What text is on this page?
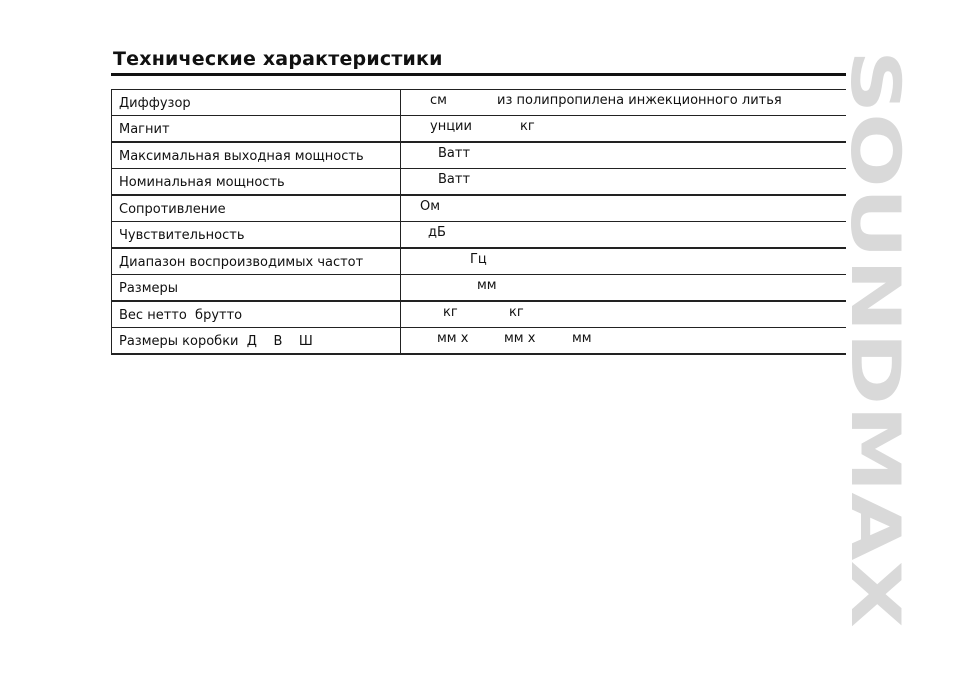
Технические характеристики
Диффузор	см из полипропилена инжекционного литья

Магнит	унции кг

Максимальная выходная мощность	Ватт

Номинальная мощность	Ватт

Сопротивление	Ом

Чувствительность	дБ

Диапазон воспроизводимых частот	Гц

Размеры	мм

Вес нетто  брутто	кг кг

Размеры коробки  Д    В    Ш	мм х мм х мм	SOUNDMAX
